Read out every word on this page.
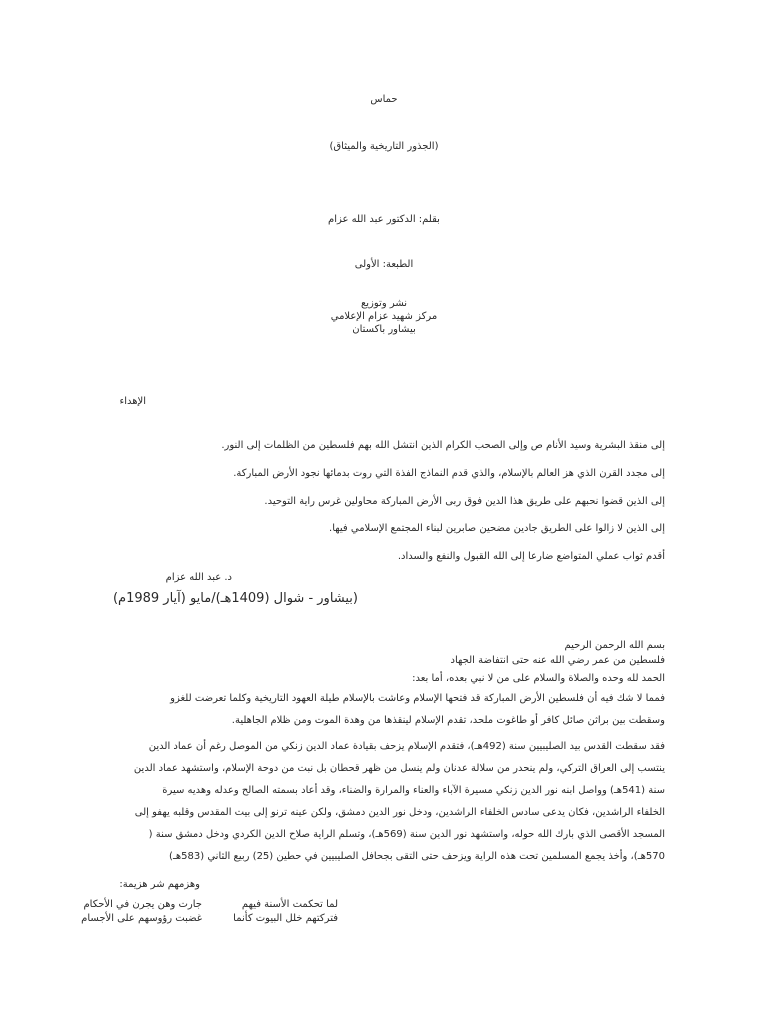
حماس

(الجذور التاريخية والميثاق)

بقلم: الدكتور عبد الله عزام

الطبعة: الأولى

نشر وتوزيع

مركز شهيد عزام الإعلامي

بيشاور باكستان

الإهداء

إلى منقذ البشرية وسيد الأنام ص وإلى الصحب الكرام الذين انتشل الله بهم فلسطين من الظلمات إلى النور.

إلى مجدد القرن الذي هز العالم بالإسلام، والذي قدم النماذج الفذة التي روت بدمائها نجود الأرض المباركة.

إلى الذين قضوا نحبهم على طريق هذا الدين فوق ربى الأرض المباركة محاولين غرس راية التوحيد.

إلى الذين لا زالوا على الطريق جادين مضحين صابرين لبناء المجتمع الإسلامي فيها.

أقدم ثواب عملي المتواضع ضارعا إلى الله القبول والنفع والسداد.

د. عبد الله عزام

(بيشاور - شوال (1409هـ)/مايو (آيار 1989م)

بسم الله الرحمن الرحيم

فلسطين من عمر رضي الله عنه حتى انتفاضة الجهاد

الحمد لله وحده والصلاة والسلام على من لا نبي بعده، أما بعد:

فمما لا شك فيه أن فلسطين الأرض المباركة قد فتحها الإسلام وعاشت بالإسلام طيلة العهود التاريخية وكلما تعرضت للغزو
وسقطت بين براثن صائل كافر أو طاغوت ملحد، تقدم الإسلام لينقذها من وهدة الموت ومن ظلام الجاهلية.
فقد سقطت القدس بيد الصليبيين سنة (492هـ)، فتقدم الإسلام يزحف بقيادة عماد الدين زنكي من الموصل رغم أن عماد الدين
ينتسب إلى العراق التركي، ولم ينحدر من سلالة عدنان ولم ينسل من ظهر قحطان بل نبت من دوحة الإسلام، واستشهد عماد الدين
سنة (541هـ) وواصل ابنه نور الدين زنكي مسيرة الآباء والعناء والمرارة والضناء، وقد أعاد بسمته الصالح وعدله وهديه سيرة
الخلفاء الراشدين، فكان يدعى سادس الخلفاء الراشدين، ودخل نور الدين دمشق، ولكن عينه ترنو إلى بيت المقدس وقلبه يهفو إلى
المسجد الأقصى الذي بارك الله حوله، واستشهد نور الدين سنة (569هـ)، وتسلم الراية صلاح الدين الكردي ودخل دمشق سنة (
570هـ)، وأخذ يجمع المسلمين تحت هذه الراية ويزحف حتى التقى بجحافل الصليبيين في حطين (25) ربيع الثاني (583هـ)

وهزمهم شر هزيمة:

لما تحكمت الأسنة فيهم

جارت وهن يجرن في الأحكام

فتركتهم خلل البيوت كأنما

غضبت رؤوسهم على الأجسام
